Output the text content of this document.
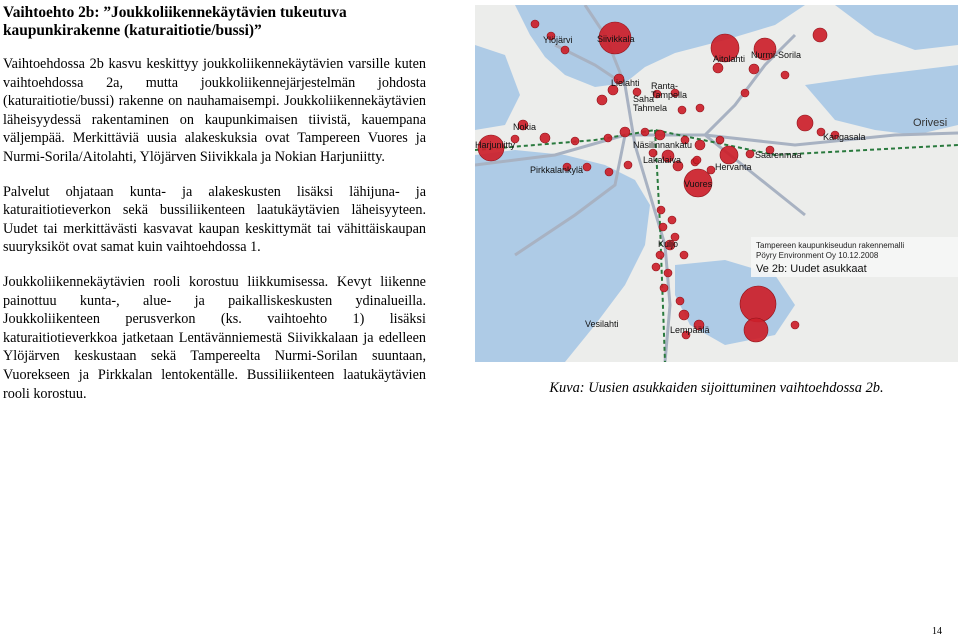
Vaihtoehto 2b: ”Joukkoliikennekäytävien tukeutuva kaupunkirakenne (katuraitiotie/bussi)”

Vaihtoehdossa 2b kasvu keskittyy joukkoliikennekäytävien varsille kuten vaihtoehdossa 2a, mutta joukkoliikennejärjestelmän johdosta (katuraitiotie/bussi) rakenne on nauhamaisempi. Joukkoliikennekäytävien läheisyydessä rakentaminen on kaupunkimaisen tiivistä, kauempana väljempää. Merkittäviä uusia alakeskuksia ovat Tampereen Vuores ja Nurmi-Sorila/Aitolahti, Ylöjärven Siivikkala ja Nokian Harjuniitty.

Palvelut ohjataan kunta- ja alakeskusten lisäksi lähijuna- ja katuraitiotieverkon sekä bussiliikenteen laatukäytävien läheisyyteen. Uudet tai merkittävästi kasvavat kaupan keskittymät tai vähittäiskaupan suuryksiköt ovat samat kuin vaihtoehdossa 1.

Joukkoliikennekäytävien rooli korostuu liikkumisessa. Kevyt liikenne painottuu kunta-, alue- ja paikalliskeskusten ydinalueilla. Joukkoliikenteen perusverkon (ks. vaihtoehto 1) lisäksi katuraitiotieverkkoa jatketaan Lentävänniemestä Siivikkalaan ja edelleen Ylöjärven keskustaan sekä Tampereelta Nurmi-Sorilan suuntaan, Vuorekseen ja Pirkkalan lentokentälle. Bussiliikenteen laatukäytävien rooli korostuu.

Ylöjärvi	Siivikkala
Aitolahti Nurmi-Sorila
Lielahti Ranta-Tampella
Nokia
Harjuniitty
Saha Tahmela
Kangasala
Näsilinnankatu
Lakalaiva
Hervanta
Saarenmaa
Pirkkalankylä
Vuores
Kuljo
Vesilahti
Lempäälä
Orivesi
Tampereen kaupunkiseudun rakennemalli
Pöyry Environment Oy 10.12.2008
Ve 2b: Uudet asukkaat
Kuva: Uusien asukkaiden sijoittuminen vaihtoehdossa 2b.
14
